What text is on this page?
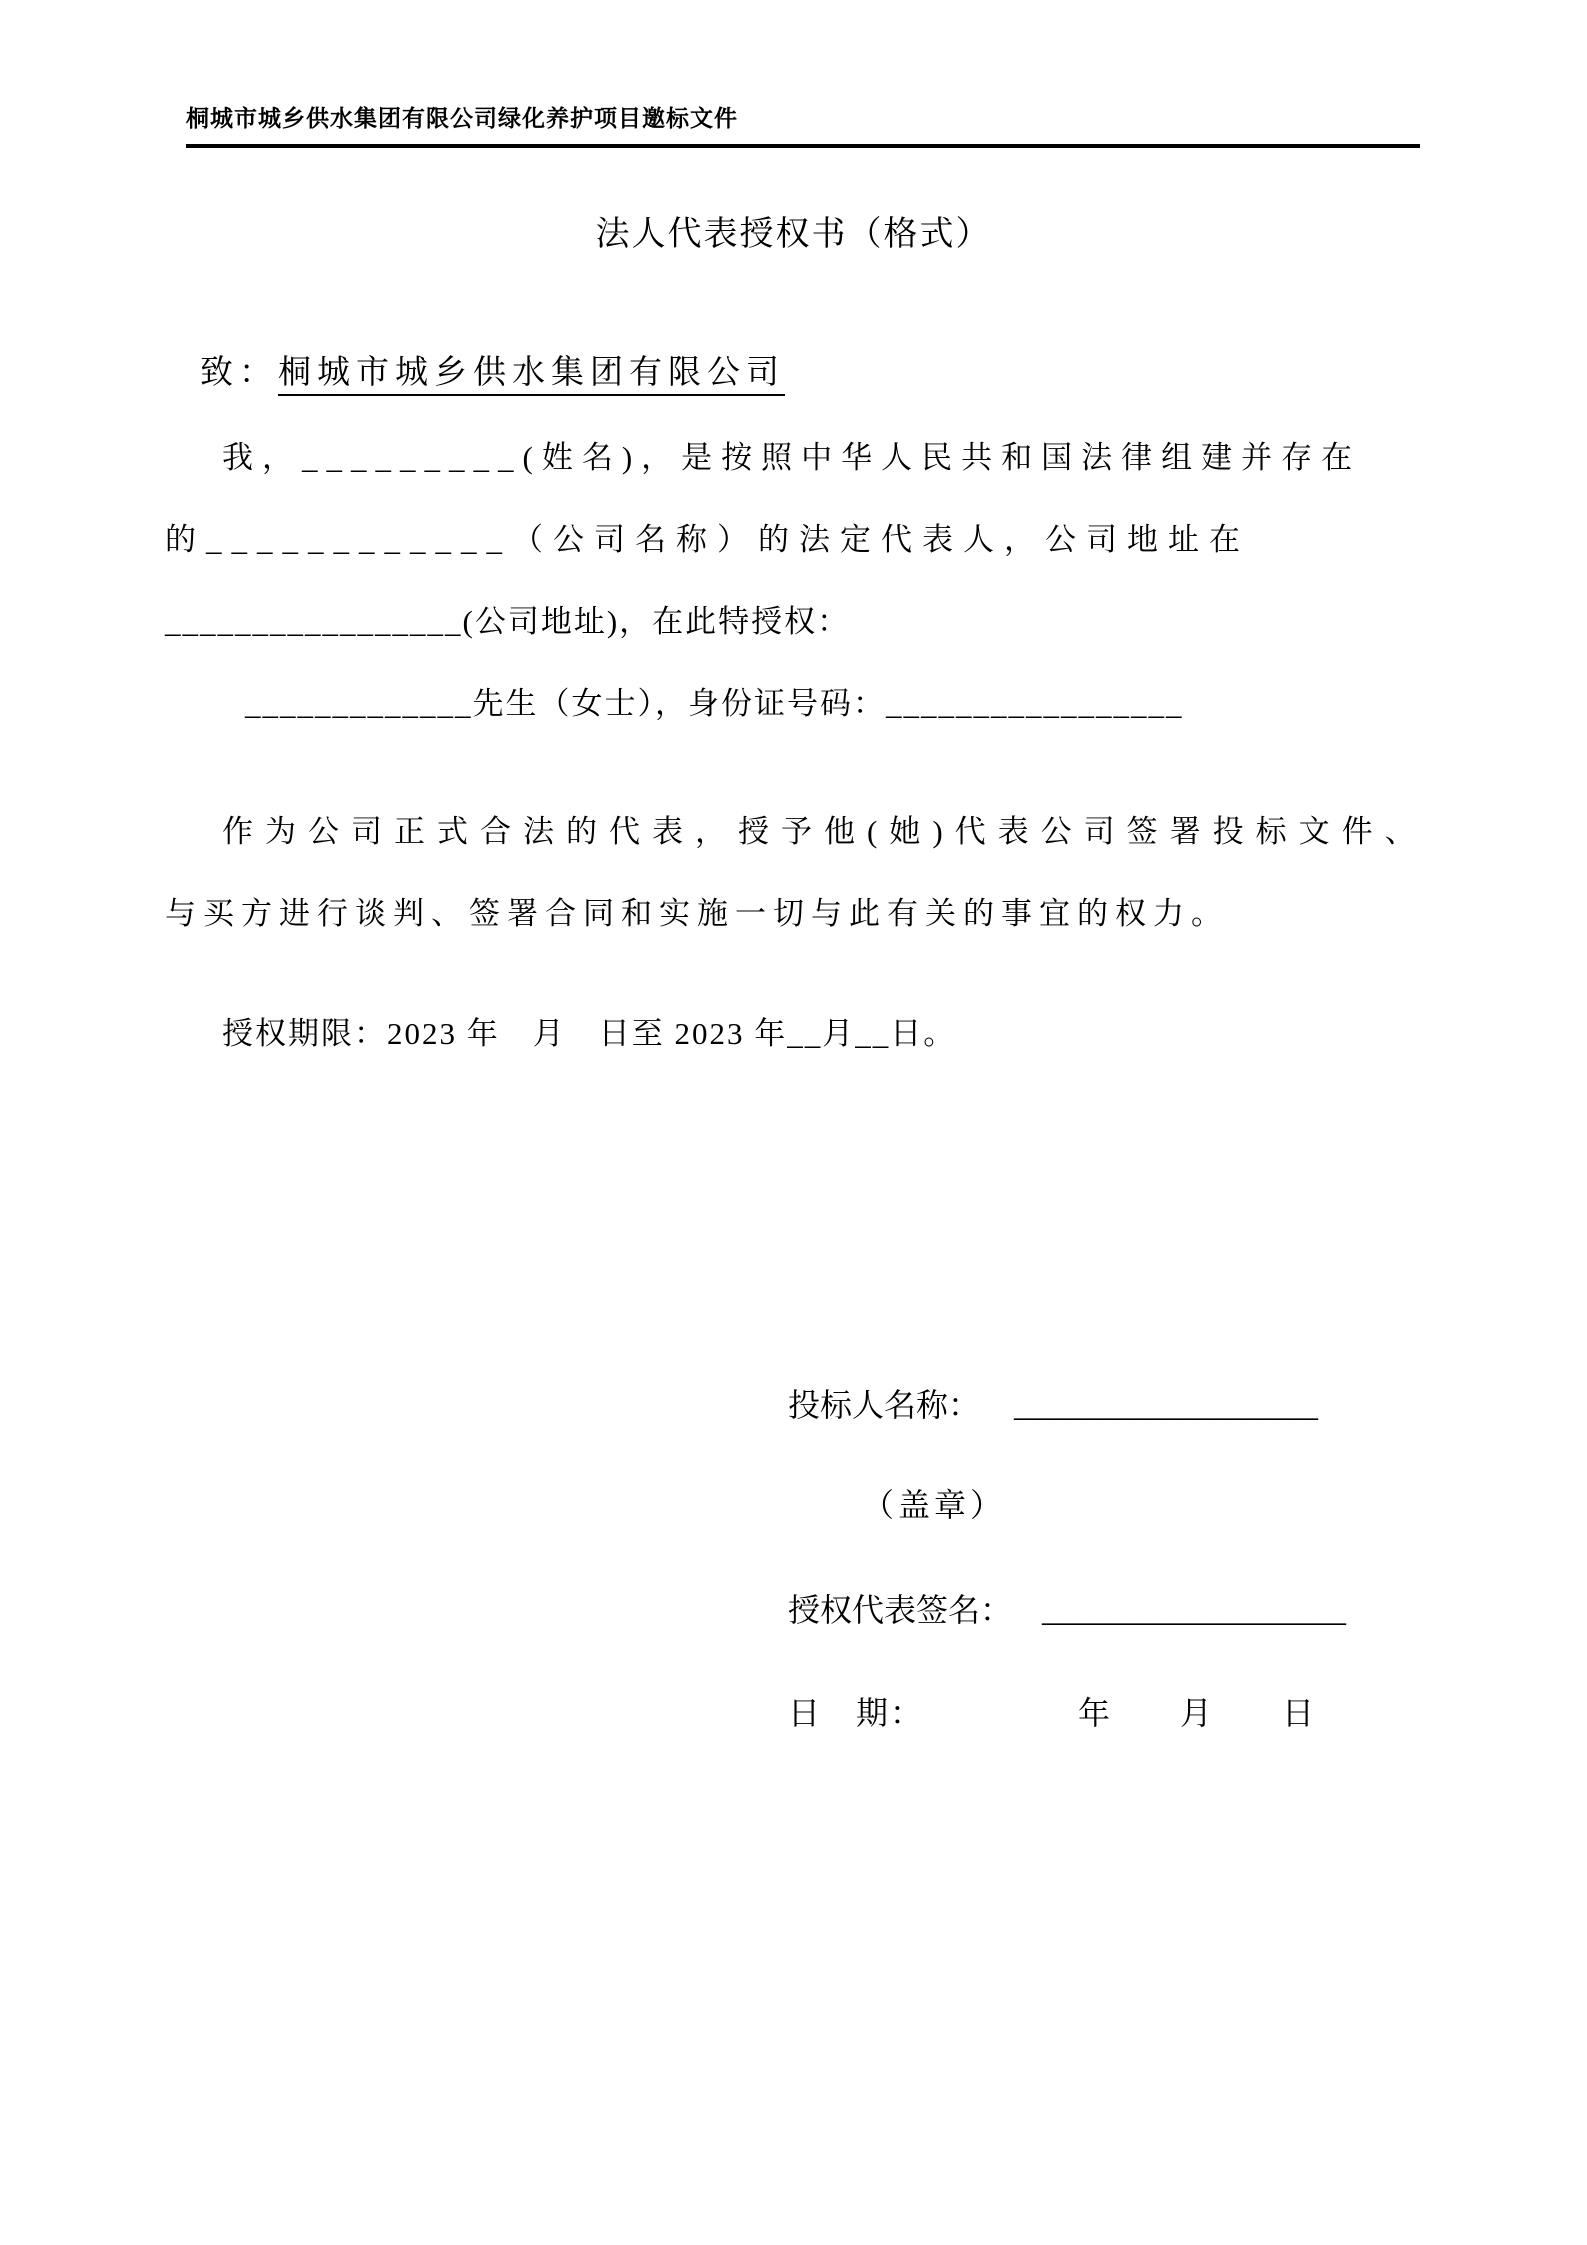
桐城市城乡供水集团有限公司绿化养护项目邀标文件
法人代表授权书（格式）
致：桐城市城乡供水集团有限公司
我，_________(姓名)，是按照中华人民共和国法律组建并存在
的____________（公司名称）的法定代表人，公司地址在
_________________(公司地址)，在此特授权：
_____________先生（女士），身份证号码：_________________
作为公司正式合法的代表，授予他(她)代表公司签署投标文件、
与买方进行谈判、签署合同和实施一切与此有关的事宜的权力。
授权期限：2023 年　月　日至 2023 年__月__日。
投标人名称： ___________________
（盖章）
授权代表签名： ___________________
日　期：　　　　　年　　月　　日
